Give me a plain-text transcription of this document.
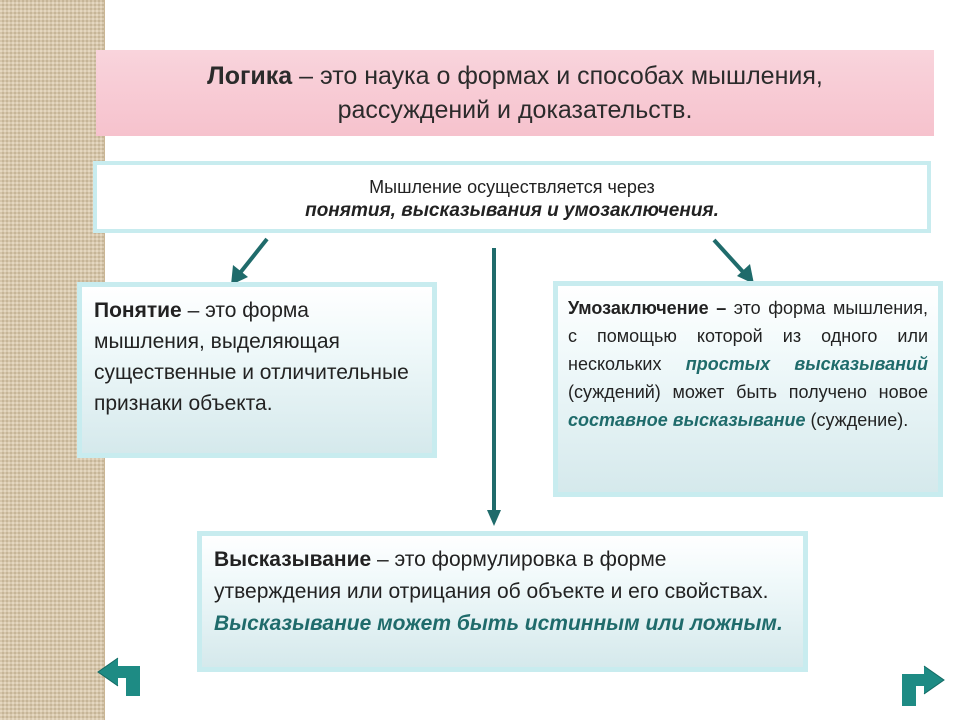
Логика – это наука о формах и способах мышления,
рассуждений и доказательств.
Мышление осуществляется через
понятия, высказывания и умозаключения.
Понятие – это форма мышления, выделяющая существенные и отличительные признаки объекта.
Умозаключение – это форма мышления, с помощью которой из одного или нескольких простых высказываний (суждений) может быть получено новое составное высказывание (суждение).
Высказывание – это формулировка в форме утверждения или отрицания об объекте и его свойствах. Высказывание может быть истинным или ложным.
